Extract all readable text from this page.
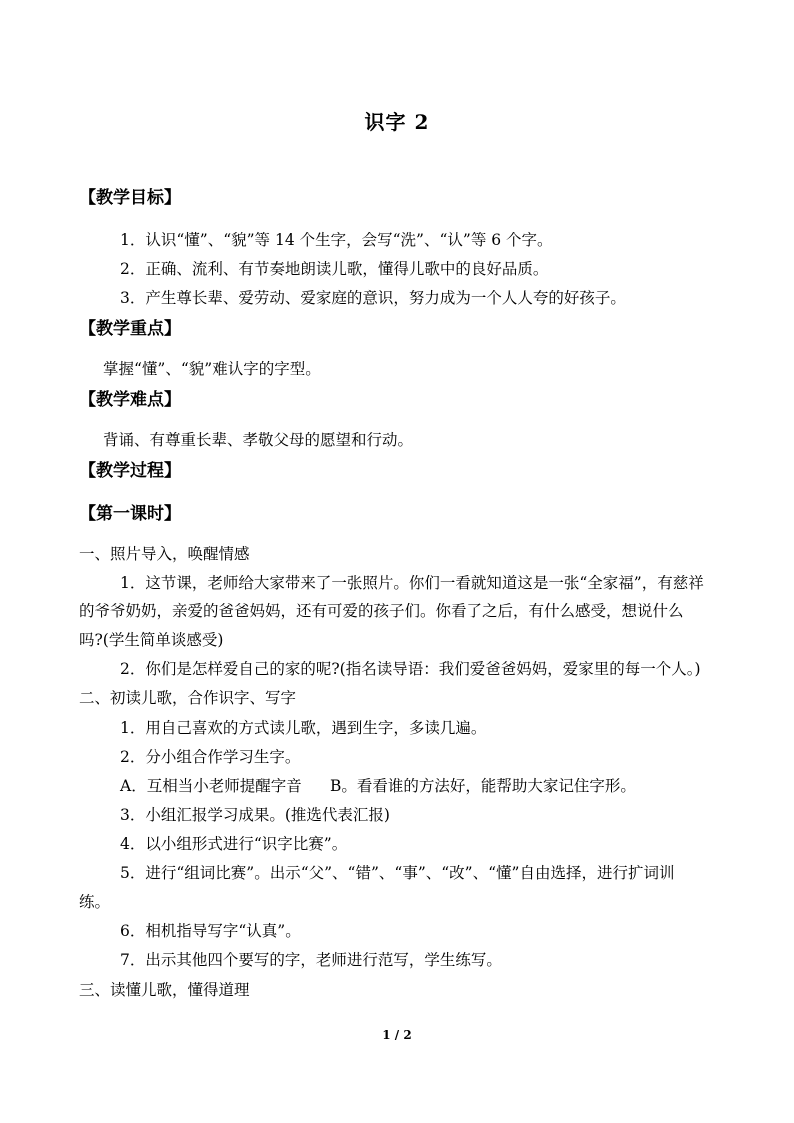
识字 2
【教学目标】
1．认识“懂”、“貌”等 14 个生字，会写“洗”、“认”等 6 个字。
2．正确、流利、有节奏地朗读儿歌，懂得儿歌中的良好品质。
3．产生尊长辈、爱劳动、爱家庭的意识，努力成为一个人人夸的好孩子。
【教学重点】
掌握“懂”、“貌”难认字的字型。
【教学难点】
背诵、有尊重长辈、孝敬父母的愿望和行动。
【教学过程】
【第一课时】
一、照片导入，唤醒情感
1．这节课，老师给大家带来了一张照片。你们一看就知道这是一张“全家福”，有慈祥
的爷爷奶奶，亲爱的爸爸妈妈，还有可爱的孩子们。你看了之后，有什么感受，想说什么
吗?(学生简单谈感受)
2．你们是怎样爱自己的家的呢?(指名读导语：我们爱爸爸妈妈，爱家里的每一个人。)
二、初读儿歌，合作识字、写字
1．用自己喜欢的方式读儿歌，遇到生字，多读几遍。
2．分小组合作学习生字。
A．互相当小老师提醒字音 B。看看谁的方法好，能帮助大家记住字形。
3．小组汇报学习成果。(推选代表汇报)
4．以小组形式进行“识字比赛”。
5．进行“组词比赛”。出示“父”、“错”、“事”、“改”、“懂”自由选择，进行扩词训
练。
6．相机指导写字“认真”。
7．出示其他四个要写的字，老师进行范写，学生练写。
三、读懂儿歌，懂得道理
1 / 2
